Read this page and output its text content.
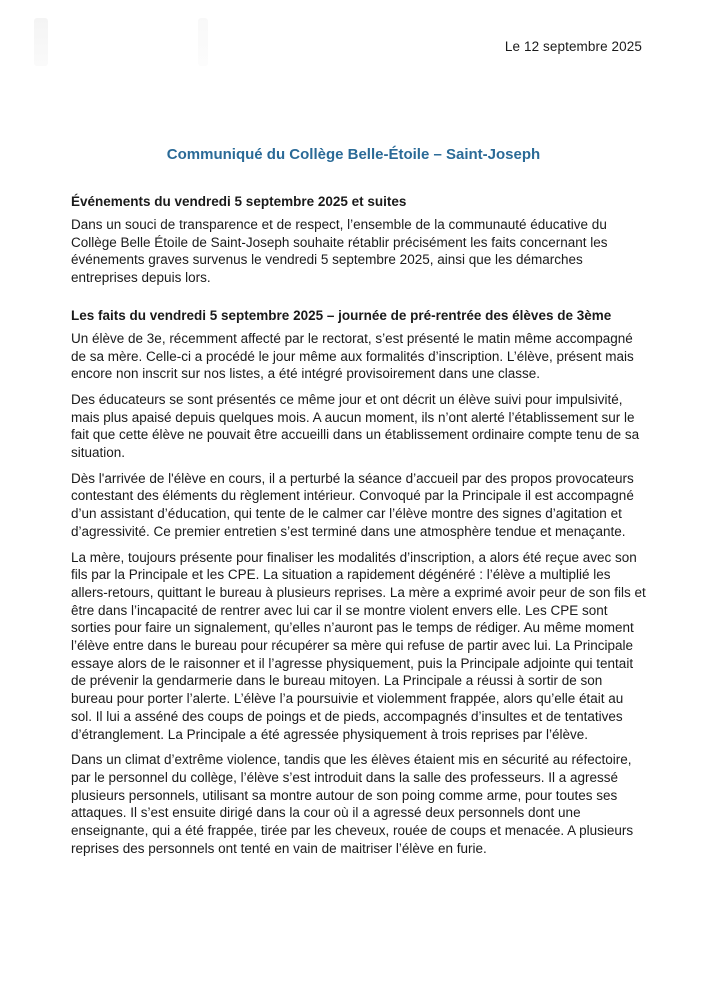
Le 12 septembre 2025
Communiqué du Collège Belle-Étoile – Saint-Joseph
Événements du vendredi 5 septembre 2025 et suites

Dans un souci de transparence et de respect, l’ensemble de la communauté éducative du Collège Belle Étoile de Saint-Joseph souhaite rétablir précisément les faits concernant les événements graves survenus le vendredi 5 septembre 2025, ainsi que les démarches entreprises depuis lors.

Les faits du vendredi 5 septembre 2025 – journée de pré-rentrée des élèves de 3ème

Un élève de 3e, récemment affecté par le rectorat, s’est présenté le matin même accompagné de sa mère. Celle-ci a procédé le jour même aux formalités d’inscription. L’élève, présent mais encore non inscrit sur nos listes, a été intégré provisoirement dans une classe.

Des éducateurs se sont présentés ce même jour et ont décrit un élève suivi pour impulsivité, mais plus apaisé depuis quelques mois. A aucun moment, ils n’ont alerté l’établissement sur le fait que cette élève ne pouvait être accueilli dans un établissement ordinaire compte tenu de sa situation.

Dès l'arrivée de l'élève en cours, il a perturbé la séance d’accueil par des propos provocateurs contestant des éléments du règlement intérieur. Convoqué par la Principale il est accompagné d’un assistant d’éducation, qui tente de le calmer car l’élève montre des signes d’agitation et d’agressivité. Ce premier entretien s’est terminé dans une atmosphère tendue et menaçante.

La mère, toujours présente pour finaliser les modalités d’inscription, a alors été reçue avec son fils par la Principale et les CPE. La situation a rapidement dégénéré : l’élève a multiplié les allers-retours, quittant le bureau à plusieurs reprises. La mère a exprimé avoir peur de son fils et être dans l’incapacité de rentrer avec lui car il se montre violent envers elle. Les CPE sont sorties pour faire un signalement, qu’elles n’auront pas le temps de rédiger. Au même moment l’élève entre dans le bureau pour récupérer sa mère qui refuse de partir avec lui. La Principale essaye alors de le raisonner et il l’agresse physiquement, puis la Principale adjointe qui tentait de prévenir la gendarmerie dans le bureau mitoyen. La Principale a réussi à sortir de son bureau pour porter l’alerte. L’élève l’a poursuivie et violemment frappée, alors qu’elle était au sol. Il lui a asséné des coups de poings et de pieds, accompagnés d’insultes et de tentatives d’étranglement. La Principale a été agressée physiquement à trois reprises par l’élève.

Dans un climat d’extrême violence, tandis que les élèves étaient mis en sécurité au réfectoire, par le personnel du collège, l’élève s’est introduit dans la salle des professeurs. Il a agressé plusieurs personnels, utilisant sa montre autour de son poing comme arme, pour toutes ses attaques. Il s’est ensuite dirigé dans la cour où il a agressé deux personnels dont une enseignante, qui a été frappée, tirée par les cheveux, rouée de coups et menacée. A plusieurs reprises des personnels ont tenté en vain de maitriser l’élève en furie.
